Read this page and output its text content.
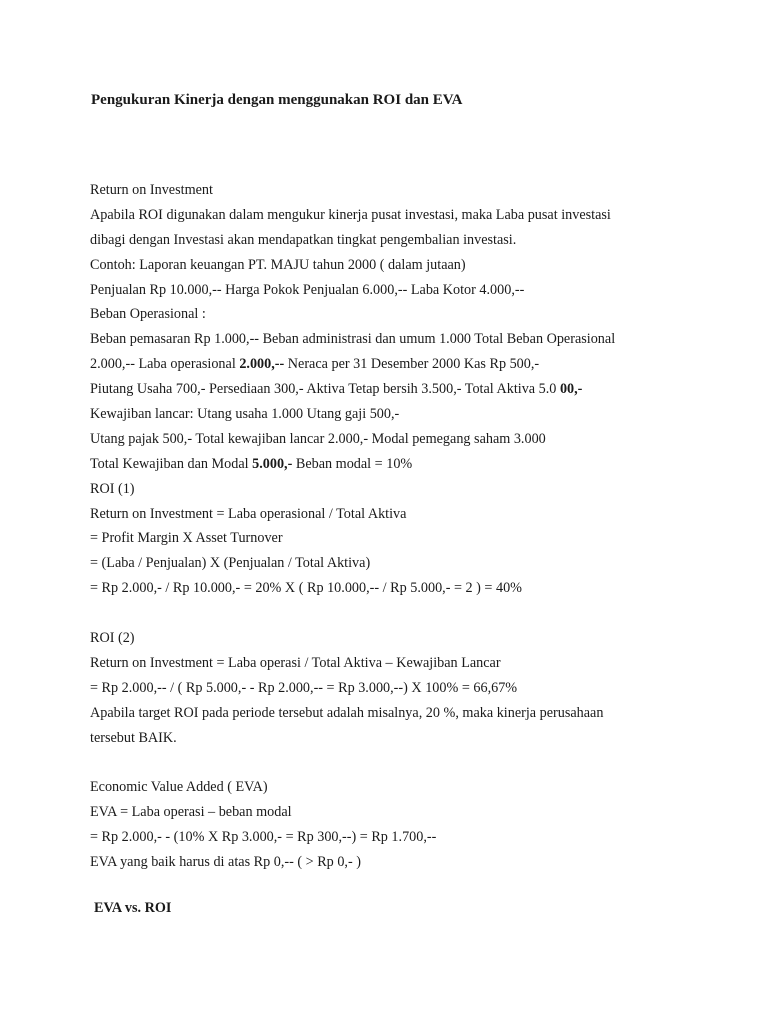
Pengukuran Kinerja dengan menggunakan ROI dan EVA
Return on Investment
Apabila ROI digunakan dalam mengukur kinerja pusat investasi, maka Laba pusat investasi
dibagi dengan Investasi akan mendapatkan tingkat pengembalian investasi.
Contoh: Laporan keuangan PT. MAJU tahun 2000 ( dalam jutaan)
Penjualan Rp 10.000,-- Harga Pokok Penjualan 6.000,-- Laba Kotor 4.000,--
Beban Operasional :
Beban pemasaran Rp 1.000,-- Beban administrasi dan umum 1.000 Total Beban Operasional
2.000,-- Laba operasional 2.000,-- Neraca per 31 Desember 2000 Kas Rp 500,-
Piutang Usaha 700,- Persediaan 300,- Aktiva Tetap bersih 3.500,- Total Aktiva 5.0 00,-
Kewajiban lancar: Utang usaha 1.000 Utang gaji 500,-
Utang pajak 500,- Total kewajiban lancar 2.000,- Modal pemegang saham 3.000
Total Kewajiban dan Modal 5.000,- Beban modal = 10%
ROI (1)
Return on Investment = Laba operasional / Total Aktiva
= Profit Margin X Asset Turnover
= (Laba / Penjualan) X (Penjualan / Total Aktiva)
= Rp 2.000,- / Rp 10.000,- = 20% X ( Rp 10.000,-- / Rp 5.000,- = 2 ) = 40%
ROI (2)
Return on Investment = Laba operasi / Total Aktiva – Kewajiban Lancar
= Rp 2.000,-- / ( Rp 5.000,- - Rp 2.000,-- = Rp 3.000,--) X 100% = 66,67%
Apabila target ROI pada periode tersebut adalah misalnya, 20 %, maka kinerja perusahaan
tersebut BAIK.
Economic Value Added ( EVA)
EVA = Laba operasi – beban modal
= Rp 2.000,- - (10% X Rp 3.000,- = Rp 300,--) = Rp 1.700,--
EVA yang baik harus di atas Rp 0,-- ( > Rp 0,- )
EVA vs. ROI
